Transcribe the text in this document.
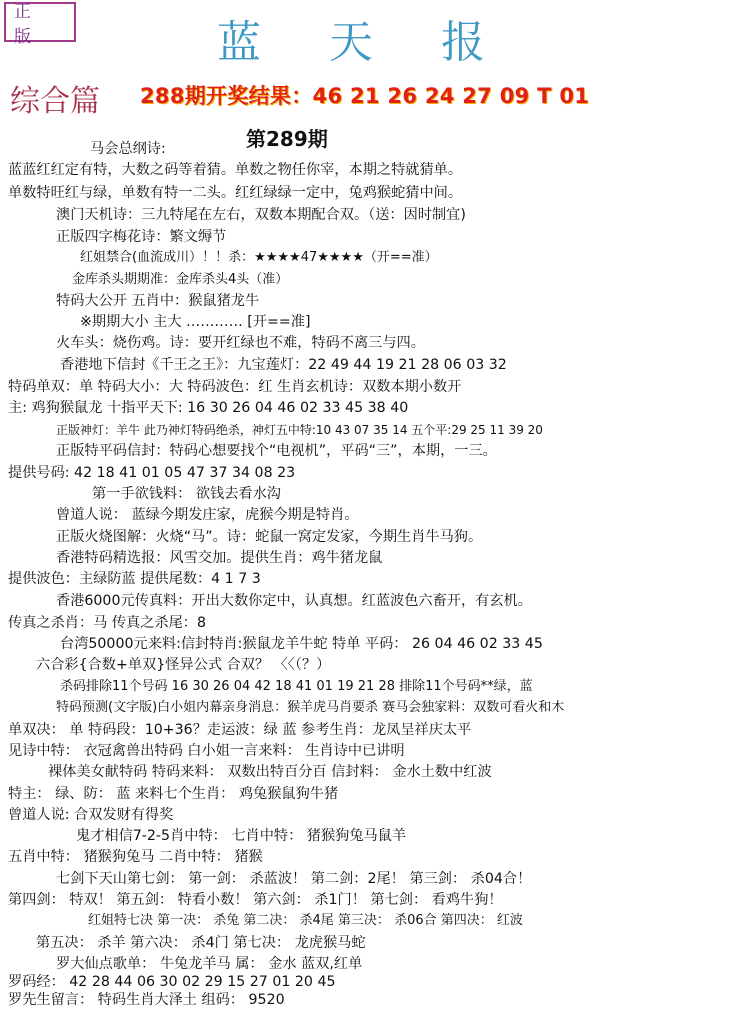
正 版	蓝天报
综合篇 288期开奖结果：46 21 26 24 27 09 T 01
马会总纲诗:	第289期
蓝蓝红红定有特，大数之码等着猜。单数之物任你宰，本期之特就猜单。
单数特旺红与绿，单数有特一二头。红红绿绿一定中，兔鸡猴蛇猜中间。
澳门天机诗：三九特尾在左右，双数本期配合双。（送：因时制宜)
正版四字梅花诗：繁文缛节
红姐禁合(血流成川）！！杀：★★★★47★★★★（开==准）
金库杀头期期准：金库杀头4头（准）
特码大公开 五肖中：猴鼠猪龙牛
※期期大小 主大 ………… [开==准]
火车头：烧伤鸡。诗：要开红绿也不难，特码不离三与四。
香港地下信封《千王之王》：九宝莲灯：22 49 44 19 21 28 06 03 32
特码单双：单 特码大小：大 特码波色：红 生肖玄机诗：双数本期小数开
主: 鸡狗猴鼠龙 十指平天下: 16 30 26 04 46 02 33 45 38 40
正版神灯：羊牛 此乃神灯特码绝杀，神灯五中特:10 43 07 35 14 五个平:29 25 11 39 20
正版特平码信封：特码心想要找个“电视机”，平码“三”，本期，一三。
提供号码: 42 18 41 01 05 47 37 34 08 23
第一手欲钱料： 欲钱去看水沟
曾道人说： 蓝绿今期发庄家，虎猴今期是特肖。
正版火烧图解：火烧“马”。诗：蛇鼠一窝定发家，今期生肖牛马狗。
香港特码精选报：风雪交加。提供生肖：鸡牛猪龙鼠
提供波色：主绿防蓝 提供尾数：4 1 7 3
香港6000元传真料：开出大数你定中，认真想。红蓝波色六畜开，有玄机。
传真之杀肖：马 传真之杀尾：8
台湾50000元来料:信封特肖:猴鼠龙羊牛蛇 特单 平码： 26 04 46 02 33 45
六合彩{合数+单双}怪异公式 合双？ 〈〈（？）
杀码排除11个号码 16 30 26 04 42 18 41 01 19 21 28 排除11个号码**绿，蓝
特码预测(文字版)白小姐内幕亲身消息：猴羊虎马肖要杀 赛马会独家料：双数可看火和木
单双决： 单 特码段：10+36？走运波：绿 蓝 参考生肖：龙凤呈祥庆太平
见诗中特： 衣冠禽兽出特码 白小姐一言来料： 生肖诗中已讲明
裸体美女献特码 特码来料： 双数出特百分百 信封料： 金水土数中红波
特主： 绿、防： 蓝 来料七个生肖： 鸡兔猴鼠狗牛猪
曾道人说: 合双发财有得奖
鬼才相信7-2-5肖中特： 七肖中特： 猪猴狗兔马鼠羊
五肖中特： 猪猴狗兔马 二肖中特： 猪猴
七剑下天山第七剑： 第一剑： 杀蓝波！ 第二剑：2尾！ 第三剑： 杀04合！
第四剑： 特双！ 第五剑： 特看小数！ 第六剑： 杀1门！ 第七剑： 看鸡牛狗！
红姐特七决 第一决： 杀兔 第二决： 杀4尾 第三决： 杀06合 第四决： 红波
第五决： 杀羊 第六决： 杀4门 第七决： 龙虎猴马蛇
罗大仙点歌单： 牛兔龙羊马 属： 金水 蓝双,红单
罗码经： 42 28 44 06 30 02 29 15 27 01 20 45
罗先生留言： 特码生肖大泽土 组码： 9520
